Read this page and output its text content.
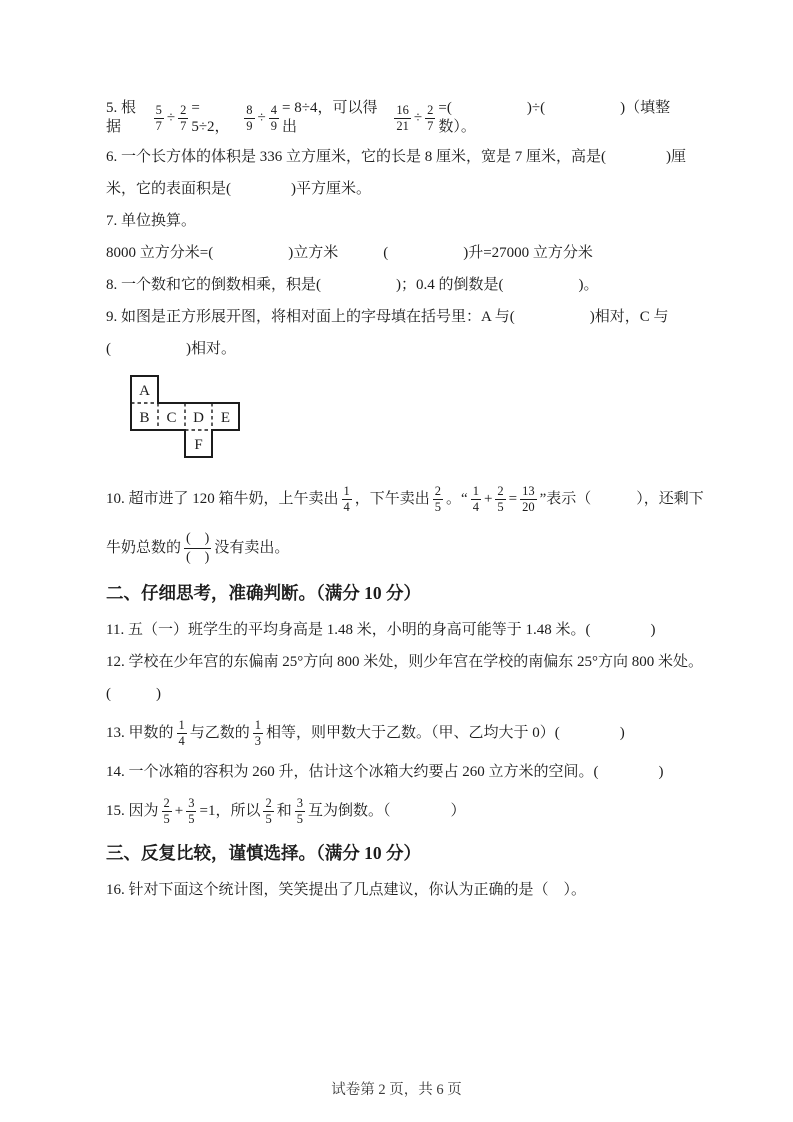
5. 根据	$\frac{5}{7} \div \frac{2}{7} = 5\div 2$，	$\frac{8}{9} \div \frac{4}{9} = 8\div 4$，可以得出	$\frac{16}{21} \div \frac{2}{7}$ =(　　　　　)÷(　　　　　)（填整数）。
6. 一个长方体的体积是 336 立方厘米，它的长是 8 厘米，宽是 7 厘米，高是(　　　　)厘
米，它的表面积是(　　　　)平方厘米。
7. 单位换算。
8000 立方分米=(　　　　　)立方米　　　(　　　　　)升=27000 立方分米
8. 一个数和它的倒数相乘，积是(　　　　　)；0.4 的倒数是(　　　　　)。
9. 如图是正方形展开图，将相对面上的字母填在括号里：A 与(　　　　　)相对，C 与
(　　　　　)相对。
A
B C D E
F
10. 超市进了 120 箱牛奶，上午卖出 $\frac{1}{4}$ ，下午卖出 $\frac{2}{5}$ 。“ $\frac{1}{4} + \frac{2}{5} = \frac{13}{20}$ ”表示（　　　），还剩下
牛奶总数的 $\frac{( )}{( )}$ 没有卖出。
二、仔细思考，准确判断。（满分 10 分）
11. 五（一）班学生的平均身高是 1.48 米，小明的身高可能等于 1.48 米。(　　　　)
12. 学校在少年宫的东偏南 25°方向 800 米处，则少年宫在学校的南偏东 25°方向 800 米处。
(　　　)
13. 甲数的 $\frac{1}{4}$ 与乙数的 $\frac{1}{3}$ 相等，则甲数大于乙数。（甲、乙均大于 0）(　　　　)
14. 一个冰箱的容积为 260 升，估计这个冰箱大约要占 260 立方米的空间。(　　　　)
15. 因为 $\frac{2}{5} + \frac{3}{5} =1$，所以 $\frac{2}{5}$ 和 $\frac{3}{5}$ 互为倒数。（　　　　）
三、反复比较，谨慎选择。（满分 10 分）
16. 针对下面这个统计图，笑笑提出了几点建议，你认为正确的是（　）。
试卷第 2 页，共 6 页
